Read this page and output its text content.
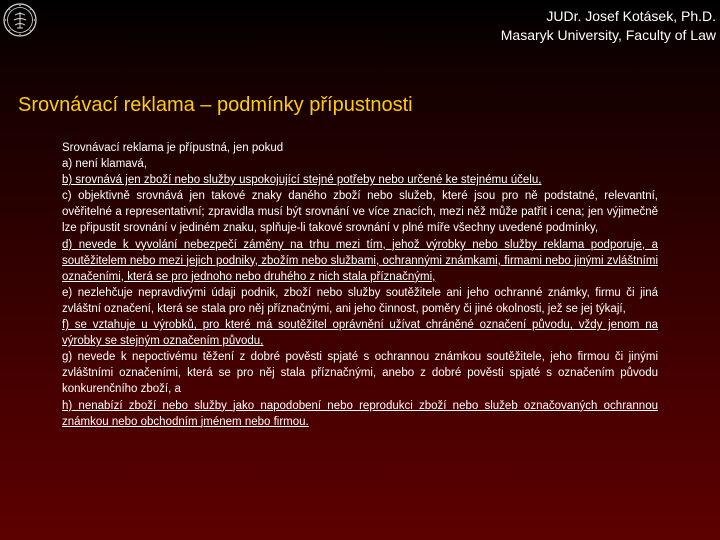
JUDr. Josef Kotásek, Ph.D.
Masaryk University, Faculty of Law
Srovnávací reklama – podmínky přípustnosti

Srovnávací reklama je přípustná, jen pokud

a) není klamavá,

b) srovnává jen zboží nebo služby uspokojující stejné potřeby nebo určené ke stejnému účelu,

c) objektivně srovnává jen takové znaky daného zboží nebo služeb, které jsou pro ně podstatné, relevantní, ověřitelné a representativní; zpravidla musí být srovnání ve více znacích, mezi něž může patřit i cena; jen výjimečně lze připustit srovnání v jediném znaku, splňuje-li takové srovnání v plné míře všechny uvedené podmínky,

d) nevede k vyvolání nebezpečí záměny na trhu mezi tím, jehož výrobky nebo služby reklama podporuje, a soutěžitelem nebo mezi jejich podniky, zbožím nebo službami, ochrannými známkami, firmami nebo jinými zvláštními označeními, která se pro jednoho nebo druhého z nich stala příznačnými,

e) nezlehčuje nepravdivými údaji podnik, zboží nebo služby soutěžitele ani jeho ochranné známky, firmu či jiná zvláštní označení, která se stala pro něj příznačnými, ani jeho činnost, poměry či jiné okolnosti, jež se jej týkají,

f) se vztahuje u výrobků, pro které má soutěžitel oprávnění užívat chráněné označení původu, vždy jenom na výrobky se stejným označením původu,

g) nevede k nepoctivému těžení z dobré pověsti spjaté s ochrannou známkou soutěžitele, jeho firmou či jinými zvláštními označeními, která se pro něj stala příznačnými, anebo z dobré pověsti spjaté s označením původu konkurenčního zboží, a

h) nenabízí zboží nebo služby jako napodobení nebo reprodukci zboží nebo služeb označovaných ochrannou známkou nebo obchodním jménem nebo firmou.
